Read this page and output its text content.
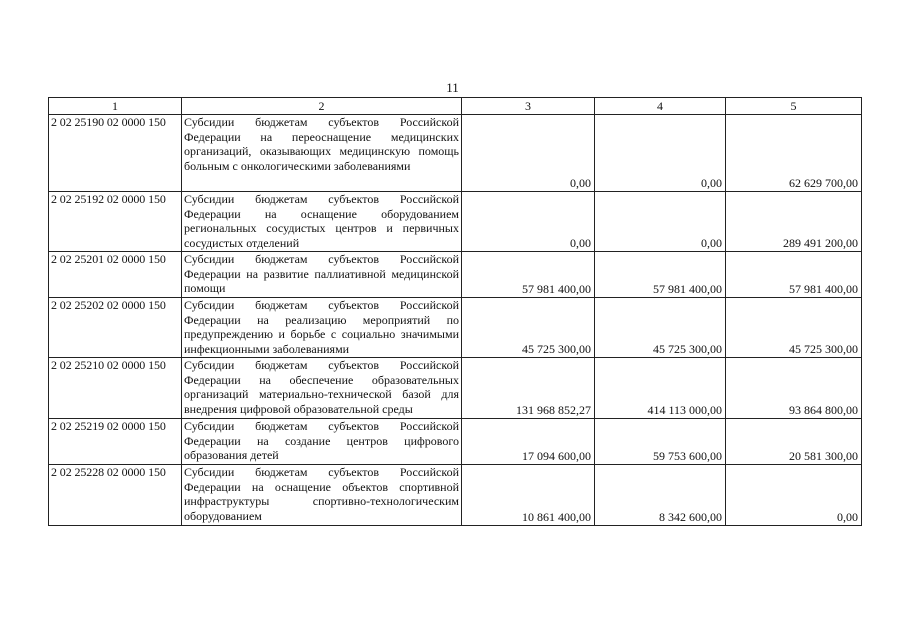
11
1	2	3	4	5
2 02 25190 02 0000 150	Субсидии бюджетам субъектов Российской Федерации на переоснащение медицинских организаций, оказывающих медицинскую помощь больным с онкологическими заболеваниями	0,00	0,00	62 629 700,00
2 02 25192 02 0000 150	Субсидии бюджетам субъектов Российской Федерации на оснащение оборудованием региональных сосудистых центров и первичных сосудистых отделений	0,00	0,00	289 491 200,00
2 02 25201 02 0000 150	Субсидии бюджетам субъектов Российской Федерации на развитие паллиативной медицинской помощи	57 981 400,00	57 981 400,00	57 981 400,00
2 02 25202 02 0000 150	Субсидии бюджетам субъектов Российской Федерации на реализацию мероприятий по предупреждению и борьбе с социально значимыми инфекционными заболеваниями	45 725 300,00	45 725 300,00	45 725 300,00
2 02 25210 02 0000 150	Субсидии бюджетам субъектов Российской Федерации на обеспечение образовательных организаций материально-технической базой для внедрения цифровой образовательной среды	131 968 852,27	414 113 000,00	93 864 800,00
2 02 25219 02 0000 150	Субсидии бюджетам субъектов Российской Федерации на создание центров цифрового образования детей	17 094 600,00	59 753 600,00	20 581 300,00
2 02 25228 02 0000 150	Субсидии бюджетам субъектов Российской Федерации на оснащение объектов спортивной инфраструктуры спортивно-технологическим оборудованием	10 861 400,00	8 342 600,00	0,00
